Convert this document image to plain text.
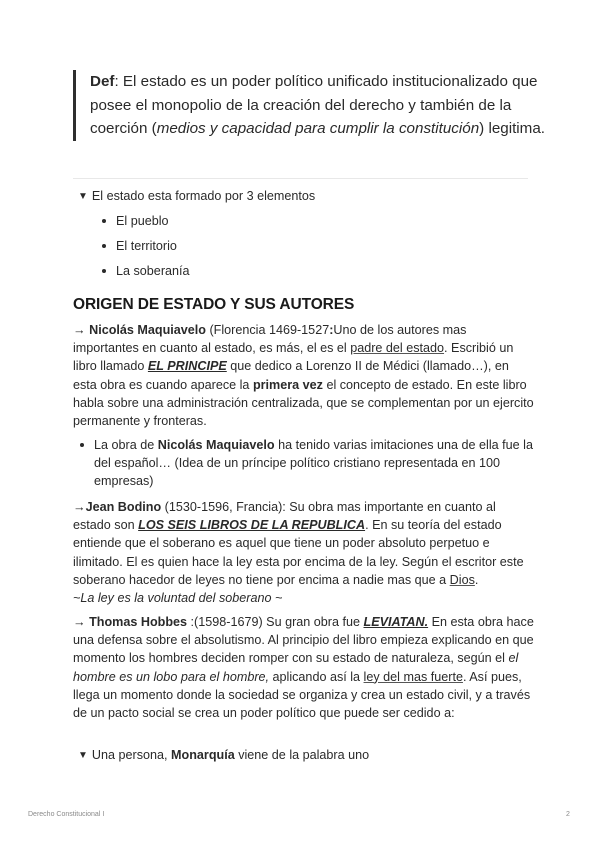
Def: El estado es un poder político unificado institucionalizado que posee el monopolio de la creación del derecho y también de la coerción (medios y capacidad para cumplir la constitución) legitima.
▼ El estado esta formado por 3 elementos
El pueblo
El territorio
La soberanía
ORIGEN DE ESTADO Y SUS AUTORES
→ Nicolás Maquiavelo (Florencia 1469-1527:Uno de los autores mas importantes en cuanto al estado, es más, el es el padre del estado. Escribió un libro llamado EL PRINCIPE que dedico a Lorenzo II de Médici (llamado…), en esta obra es cuando aparece la primera vez el concepto de estado. En este libro habla sobre una administración centralizada, que se complementan por un ejercito permanente y fronteras.
La obra de Nicolás Maquiavelo ha tenido varias imitaciones una de ella fue la del español… (Idea de un príncipe político cristiano representada en 100 empresas)
→Jean Bodino (1530-1596, Francia): Su obra mas importante en cuanto al estado son LOS SEIS LIBROS DE LA REPUBLICA. En su teoría del estado entiende que el soberano es aquel que tiene un poder absoluto perpetuo e ilimitado. El es quien hace la ley esta por encima de la ley. Según el escritor este soberano hacedor de leyes no tiene por encima a nadie mas que a Dios.
~La ley es la voluntad del soberano ~
→ Thomas Hobbes :(1598-1679) Su gran obra fue LEVIATAN. En esta obra hace una defensa sobre el absolutismo. Al principio del libro empieza explicando en que momento los hombres deciden romper con su estado de naturaleza, según el el hombre es un lobo para el hombre, aplicando así la ley del mas fuerte. Así pues, llega un momento donde la sociedad se organiza y crea un estado civil, y a través de un pacto social se crea un poder político que puede ser cedido a:
▼ Una persona, Monarquía viene de la palabra uno
Derecho Constitucional I	2
